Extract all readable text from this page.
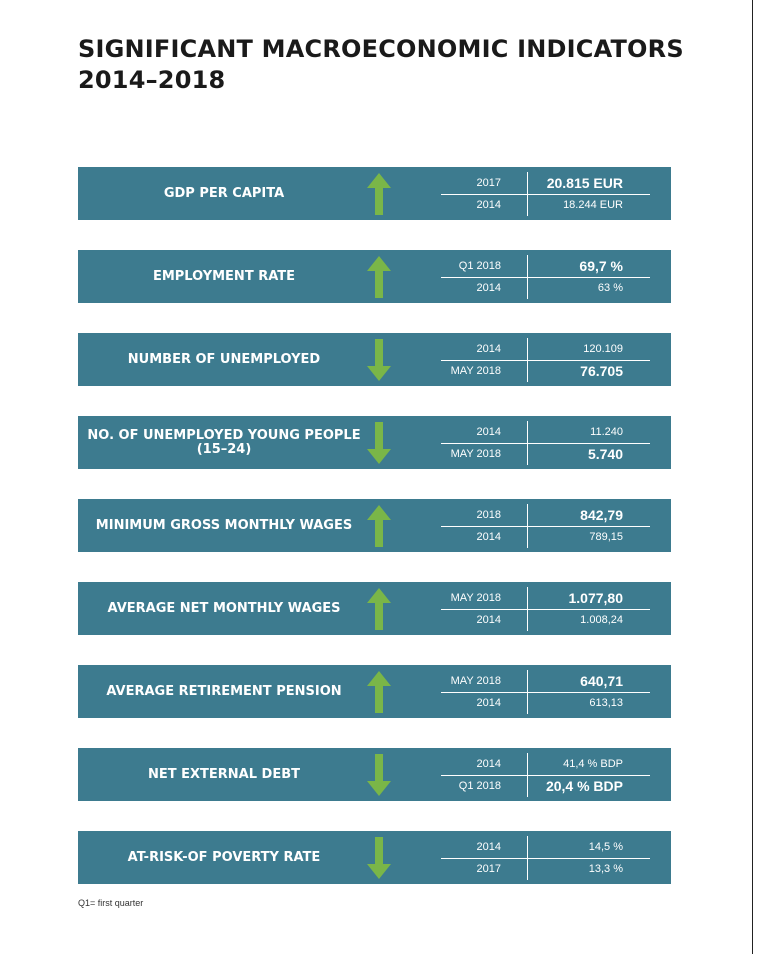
SIGNIFICANT MACROECONOMIC INDICATORS
2014–2018
GDP PER CAPITA
2017	20.815 EUR
2014	18.244 EUR
EMPLOYMENT RATE
Q1 2018	69,7 %
2014	63 %
NUMBER OF UNEMPLOYED
2014	120.109
MAY 2018	76.705
NO. OF UNEMPLOYED YOUNG PEOPLE
(15–24)
2014	11.240
MAY 2018	5.740
MINIMUM GROSS MONTHLY WAGES
2018	842,79
2014	789,15
AVERAGE NET MONTHLY WAGES
MAY 2018	1.077,80
2014	1.008,24
AVERAGE RETIREMENT PENSION
MAY 2018	640,71
2014	613,13
NET EXTERNAL DEBT
2014	41,4 % BDP
Q1 2018	20,4 % BDP
AT-RISK-OF POVERTY RATE
2014	14,5 %
2017	13,3 %
Q1= first quarter
